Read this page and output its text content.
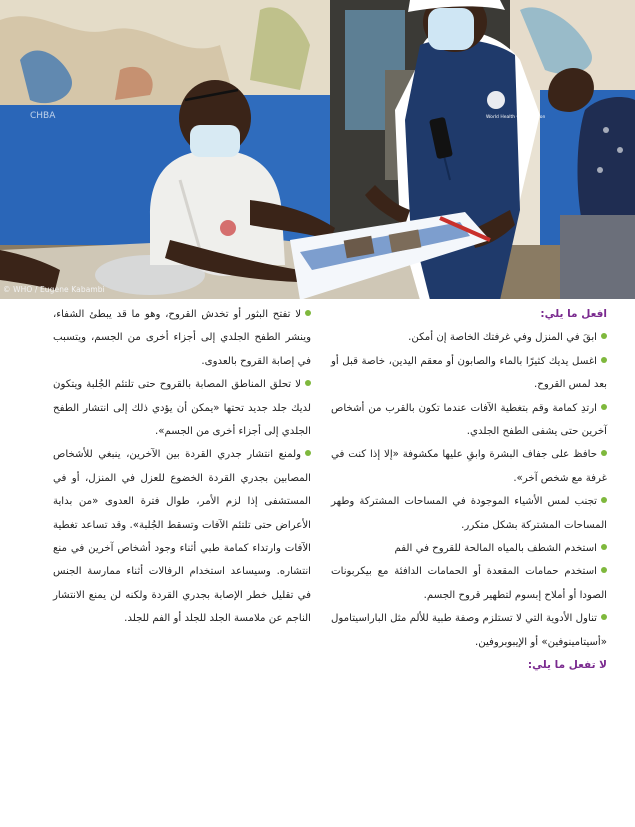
CHBA	World Health Organization
© WHO / Eugene Kabambi

افعل ما يلي:

ابقَ في المنزل وفي غرفتك الخاصة إن أمكن.

اغسل يديك كثيرًا بالماء والصابون أو معقم اليدين، خاصة قبل أو بعد لمس القروح.

ارتدِ كمامة وقم بتغطية الآفات عندما تكون بالقرب من أشخاص آخرين حتى يشفى الطفح الجلدي.

حافظ على جفاف البشرة وابقِ عليها مكشوفة «إلا إذا كنت في غرفة مع شخص آخر».

تجنب لمس الأشياء الموجودة في المساحات المشتركة وطهر المساحات المشتركة بشكل متكرر.

استخدم الشطف بالمياه المالحة للقروح في الفم

استخدم حمامات المقعدة أو الحمامات الدافئة مع بيكربونات الصودا أو أملاح إبسوم لتطهير قروح الجسم.

تناول الأدوية التي لا تستلزم وصفة طبية للألم مثل الباراسيتامول «أسيتامينوفين» أو الإيبوبروفين.

لا تفعل ما يلي:

لا تفتح البثور أو تخدش القروح، وهو ما قد يبطئ الشفاء، وينشر الطفح الجلدي إلى أجزاء أخرى من الجسم، ويتسبب في إصابة القروح بالعدوى.

لا تحلق المناطق المصابة بالقروح حتى تلتئم الجُلبة ويتكون لديك جلد جديد تحتها «يمكن أن يؤدي ذلك إلى انتشار الطفح الجلدي إلى أجزاء أخرى من الجسم».

ولمنع انتشار جدري القردة بين الآخرين، ينبغي للأشخاص المصابين بجدري القردة الخضوع للعزل في المنزل، أو في المستشفى إذا لزم الأمر، طوال فترة العدوى «من بداية الأعراض حتى تلتئم الآفات وتسقط الجُلبة». وقد تساعد تغطية الآفات وارتداء كمامة طبي أثناء وجود أشخاص آخرين في منع انتشاره. وسيساعد استخدام الرفالات أثناء ممارسة الجنس في تقليل خطر الإصابة بجدري القردة ولكنه لن يمنع الانتشار الناجم عن ملامسة الجلد للجلد أو الفم للجلد.
